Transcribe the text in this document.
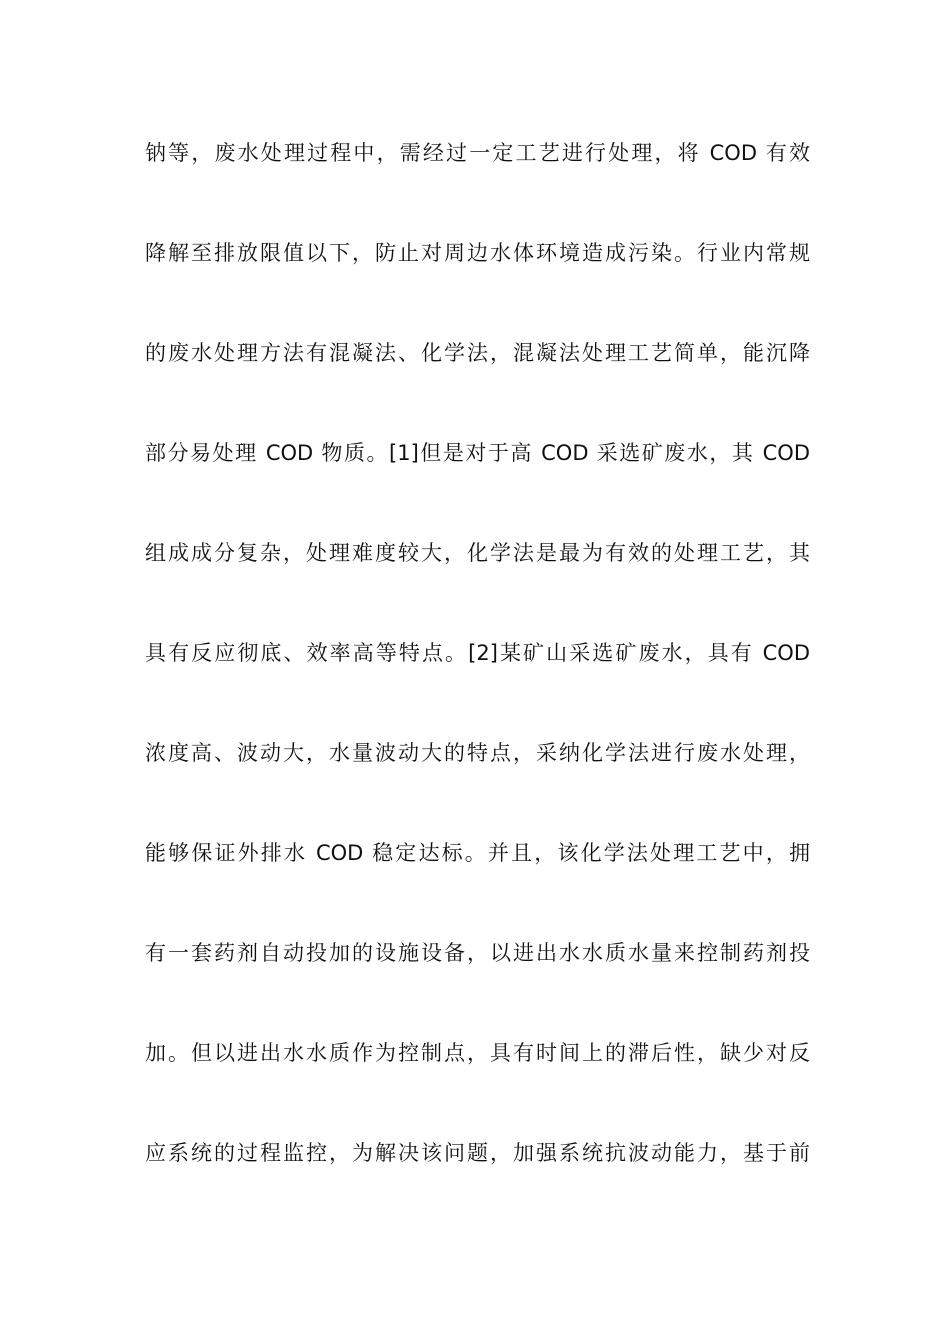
钠等，废水处理过程中，需经过一定工艺进行处理，将 COD 有效
降解至排放限值以下，防止对周边水体环境造成污染。行业内常规
的废水处理方法有混凝法、化学法，混凝法处理工艺简单，能沉降
部分易处理 COD 物质。[1]但是对于高 COD 采选矿废水，其 COD
组成成分复杂，处理难度较大，化学法是最为有效的处理工艺，其
具有反应彻底、效率高等特点。[2]某矿山采选矿废水，具有 COD
浓度高、波动大，水量波动大的特点，采纳化学法进行废水处理，
能够保证外排水 COD 稳定达标。并且，该化学法处理工艺中，拥
有一套药剂自动投加的设施设备，以进出水水质水量来控制药剂投
加。但以进出水水质作为控制点，具有时间上的滞后性，缺少对反
应系统的过程监控，为解决该问题，加强系统抗波动能力，基于前
